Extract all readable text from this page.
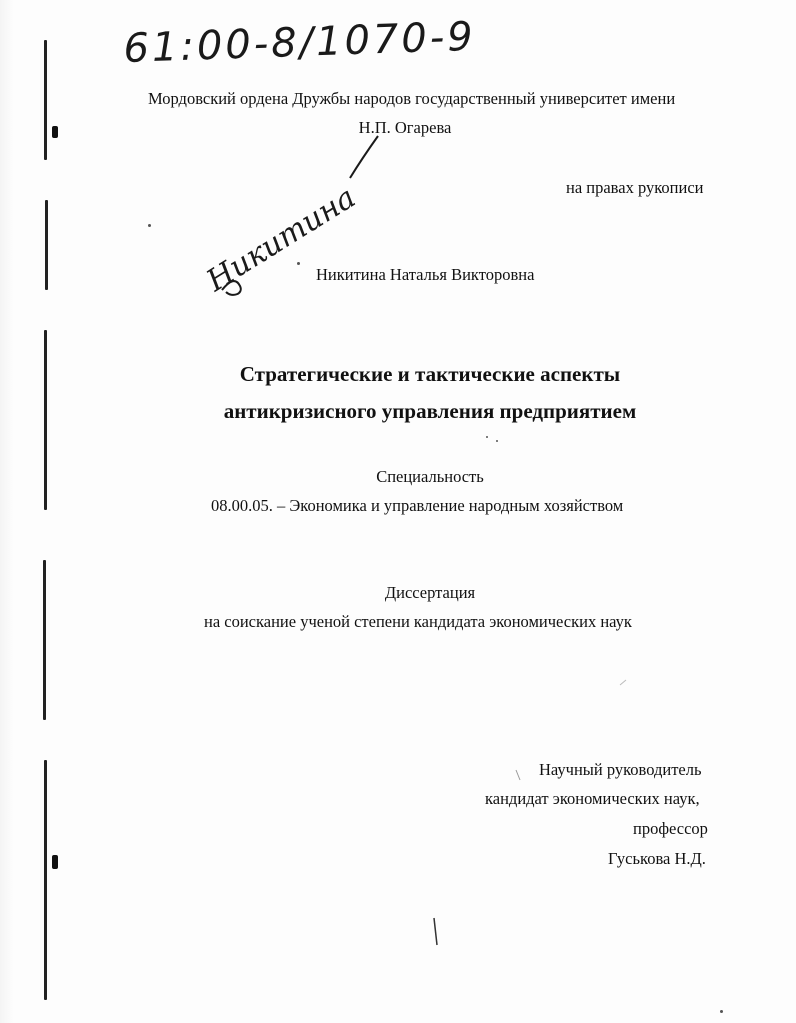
61:00-8/1070-9
Никитина
Мордовский ордена Дружбы народов государственный университет имени
Н.П. Огарева
на правах рукописи
Никитина Наталья Викторовна
Стратегические и тактические аспекты
антикризисного управления предприятием
Специальность
08.00.05. – Экономика и управление народным хозяйством
Диссертация
на соискание ученой степени кандидата экономических наук
Научный руководитель
кандидат экономических наук,
профессор
Гуськова Н.Д.
